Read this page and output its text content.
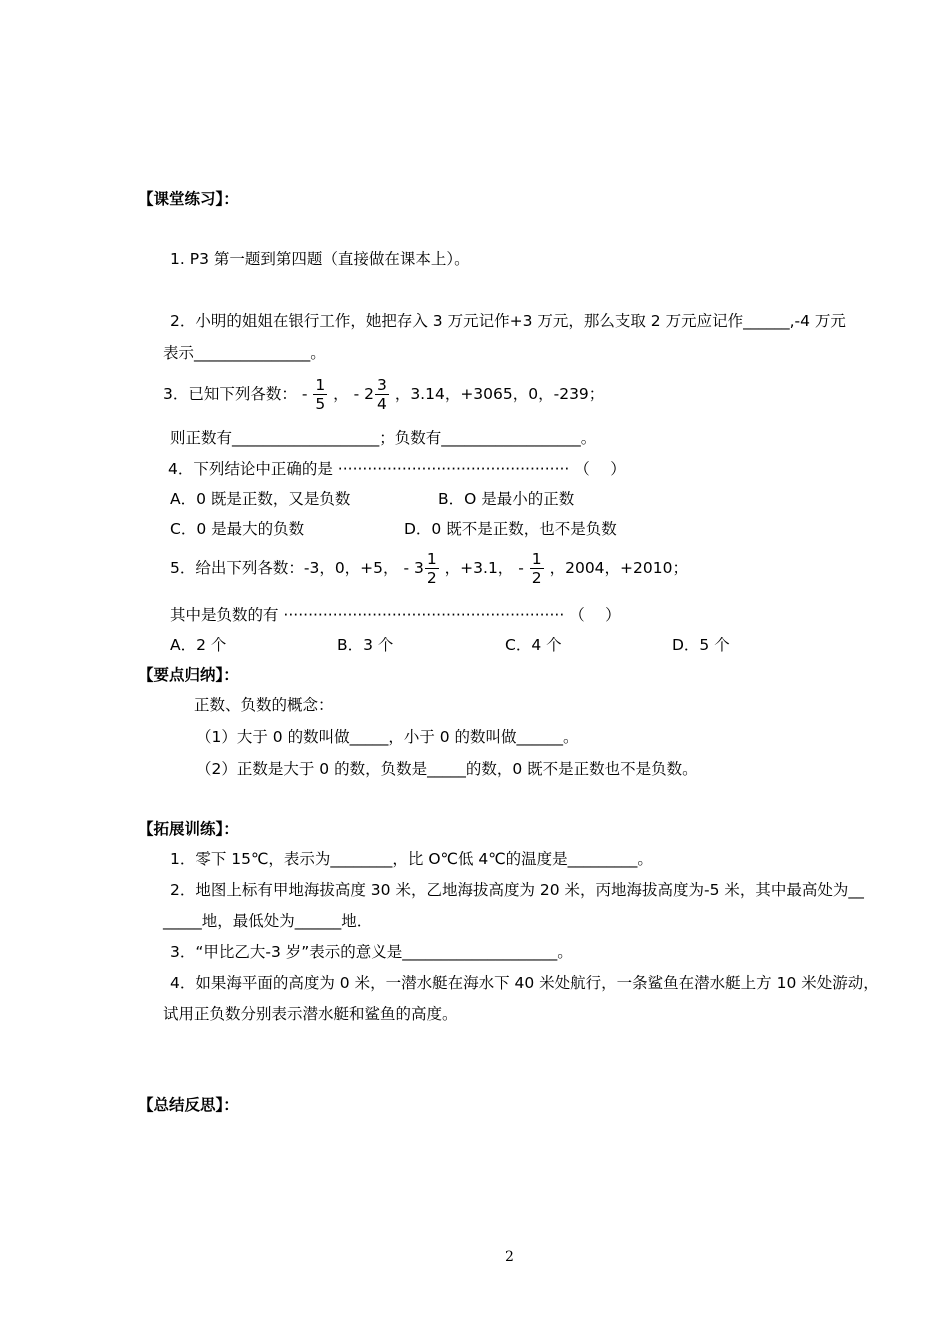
【课堂练习】：
1. P3 第一题到第四题（直接做在课本上）。
2．小明的姐姐在银行工作，她把存入 3 万元记作+3 万元，那么支取 2 万元应记作______,-4 万元
表示_______________。
3．已知下列各数： - $\frac{1}{5}$ ， - $2 \frac{3}{4}$ ，3.14，+3065，0，-239；
则正数有___________________；负数有__________________。
4．下列结论中正确的是 ··············································· （　 ）
A．0 既是正数，又是负数	B．O 是最小的正数
C．0 是最大的负数	D．0 既不是正数，也不是负数
5．给出下列各数：-3，0，+5， - $3 \frac{1}{2}$ ，+3.1， - $\frac{1}{2}$ ，2004，+2010；
其中是负数的有 ························································· （　 ）
A．2 个	B．3 个	C．4 个	D．5 个
【要点归纳】：
正数、负数的概念：
（1）大于 0 的数叫做_____，小于 0 的数叫做______。
（2）正数是大于 0 的数，负数是_____的数，0 既不是正数也不是负数。
【拓展训练】：
1．零下 15℃，表示为________，比 O℃低 4℃的温度是_________。
2．地图上标有甲地海拔高度 30 米，乙地海拔高度为 20 米，丙地海拔高度为-5 米，其中最高处为__
_____地，最低处为______地．
3．“甲比乙大-3 岁”表示的意义是____________________。
4．如果海平面的高度为 0 米，一潜水艇在海水下 40 米处航行，一条鲨鱼在潜水艇上方 10 米处游动，
试用正负数分别表示潜水艇和鲨鱼的高度。
【总结反思】：
2
